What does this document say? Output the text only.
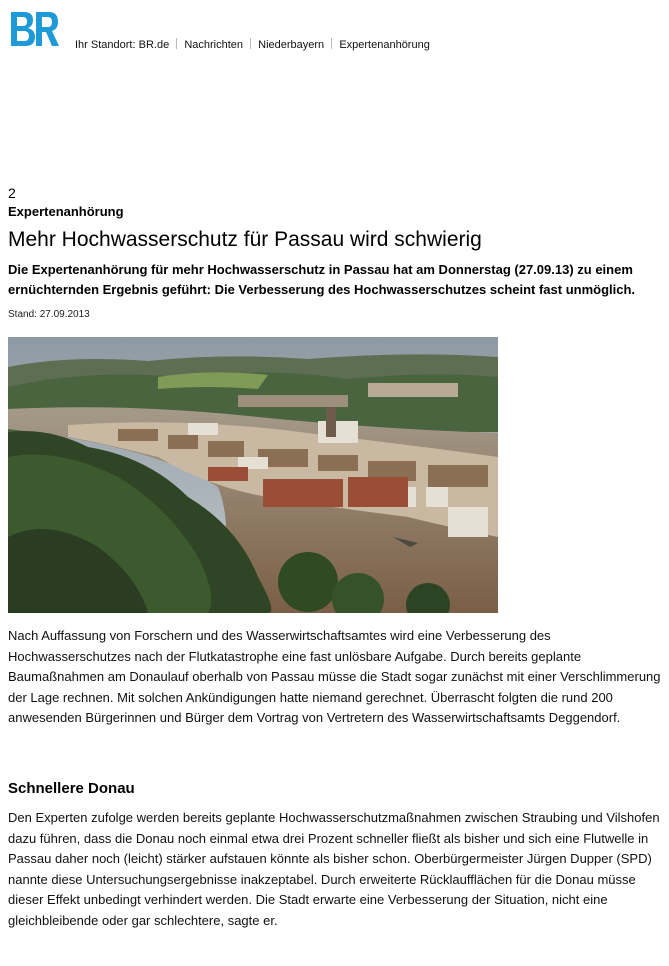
Ihr Standort: BR.de Nachrichten Niederbayern Expertenanhörung
2
Expertenanhörung
Mehr Hochwasserschutz für Passau wird schwierig

Die Expertenanhörung für mehr Hochwasserschutz in Passau hat am Donnerstag (27.09.13) zu einem ernüchternden Ergebnis geführt: Die Verbesserung des Hochwasserschutzes scheint fast unmöglich.

Stand: 27.09.2013

Nach Auffassung von Forschern und des Wasserwirtschaftsamtes wird eine Verbesserung des Hochwasserschutzes nach der Flutkatastrophe eine fast unlösbare Aufgabe. Durch bereits geplante Baumaßnahmen am Donaulauf oberhalb von Passau müsse die Stadt sogar zunächst mit einer Verschlimmerung der Lage rechnen. Mit solchen Ankündigungen hatte niemand gerechnet. Überrascht folgten die rund 200 anwesenden Bürgerinnen und Bürger dem Vortrag von Vertretern des Wasserwirtschaftsamts Deggendorf.

Schnellere Donau

Den Experten zufolge werden bereits geplante Hochwasserschutzmaßnahmen zwischen Straubing und Vilshofen dazu führen, dass die Donau noch einmal etwa drei Prozent schneller fließt als bisher und sich eine Flutwelle in Passau daher noch (leicht) stärker aufstauen könnte als bisher schon. Oberbürgermeister Jürgen Dupper (SPD) nannte diese Untersuchungsergebnisse inakzeptabel. Durch erweiterte Rücklaufflächen für die Donau müsse dieser Effekt unbedingt verhindert werden. Die Stadt erwarte eine Verbesserung der Situation, nicht eine gleichbleibende oder gar schlechtere, sagte er.
